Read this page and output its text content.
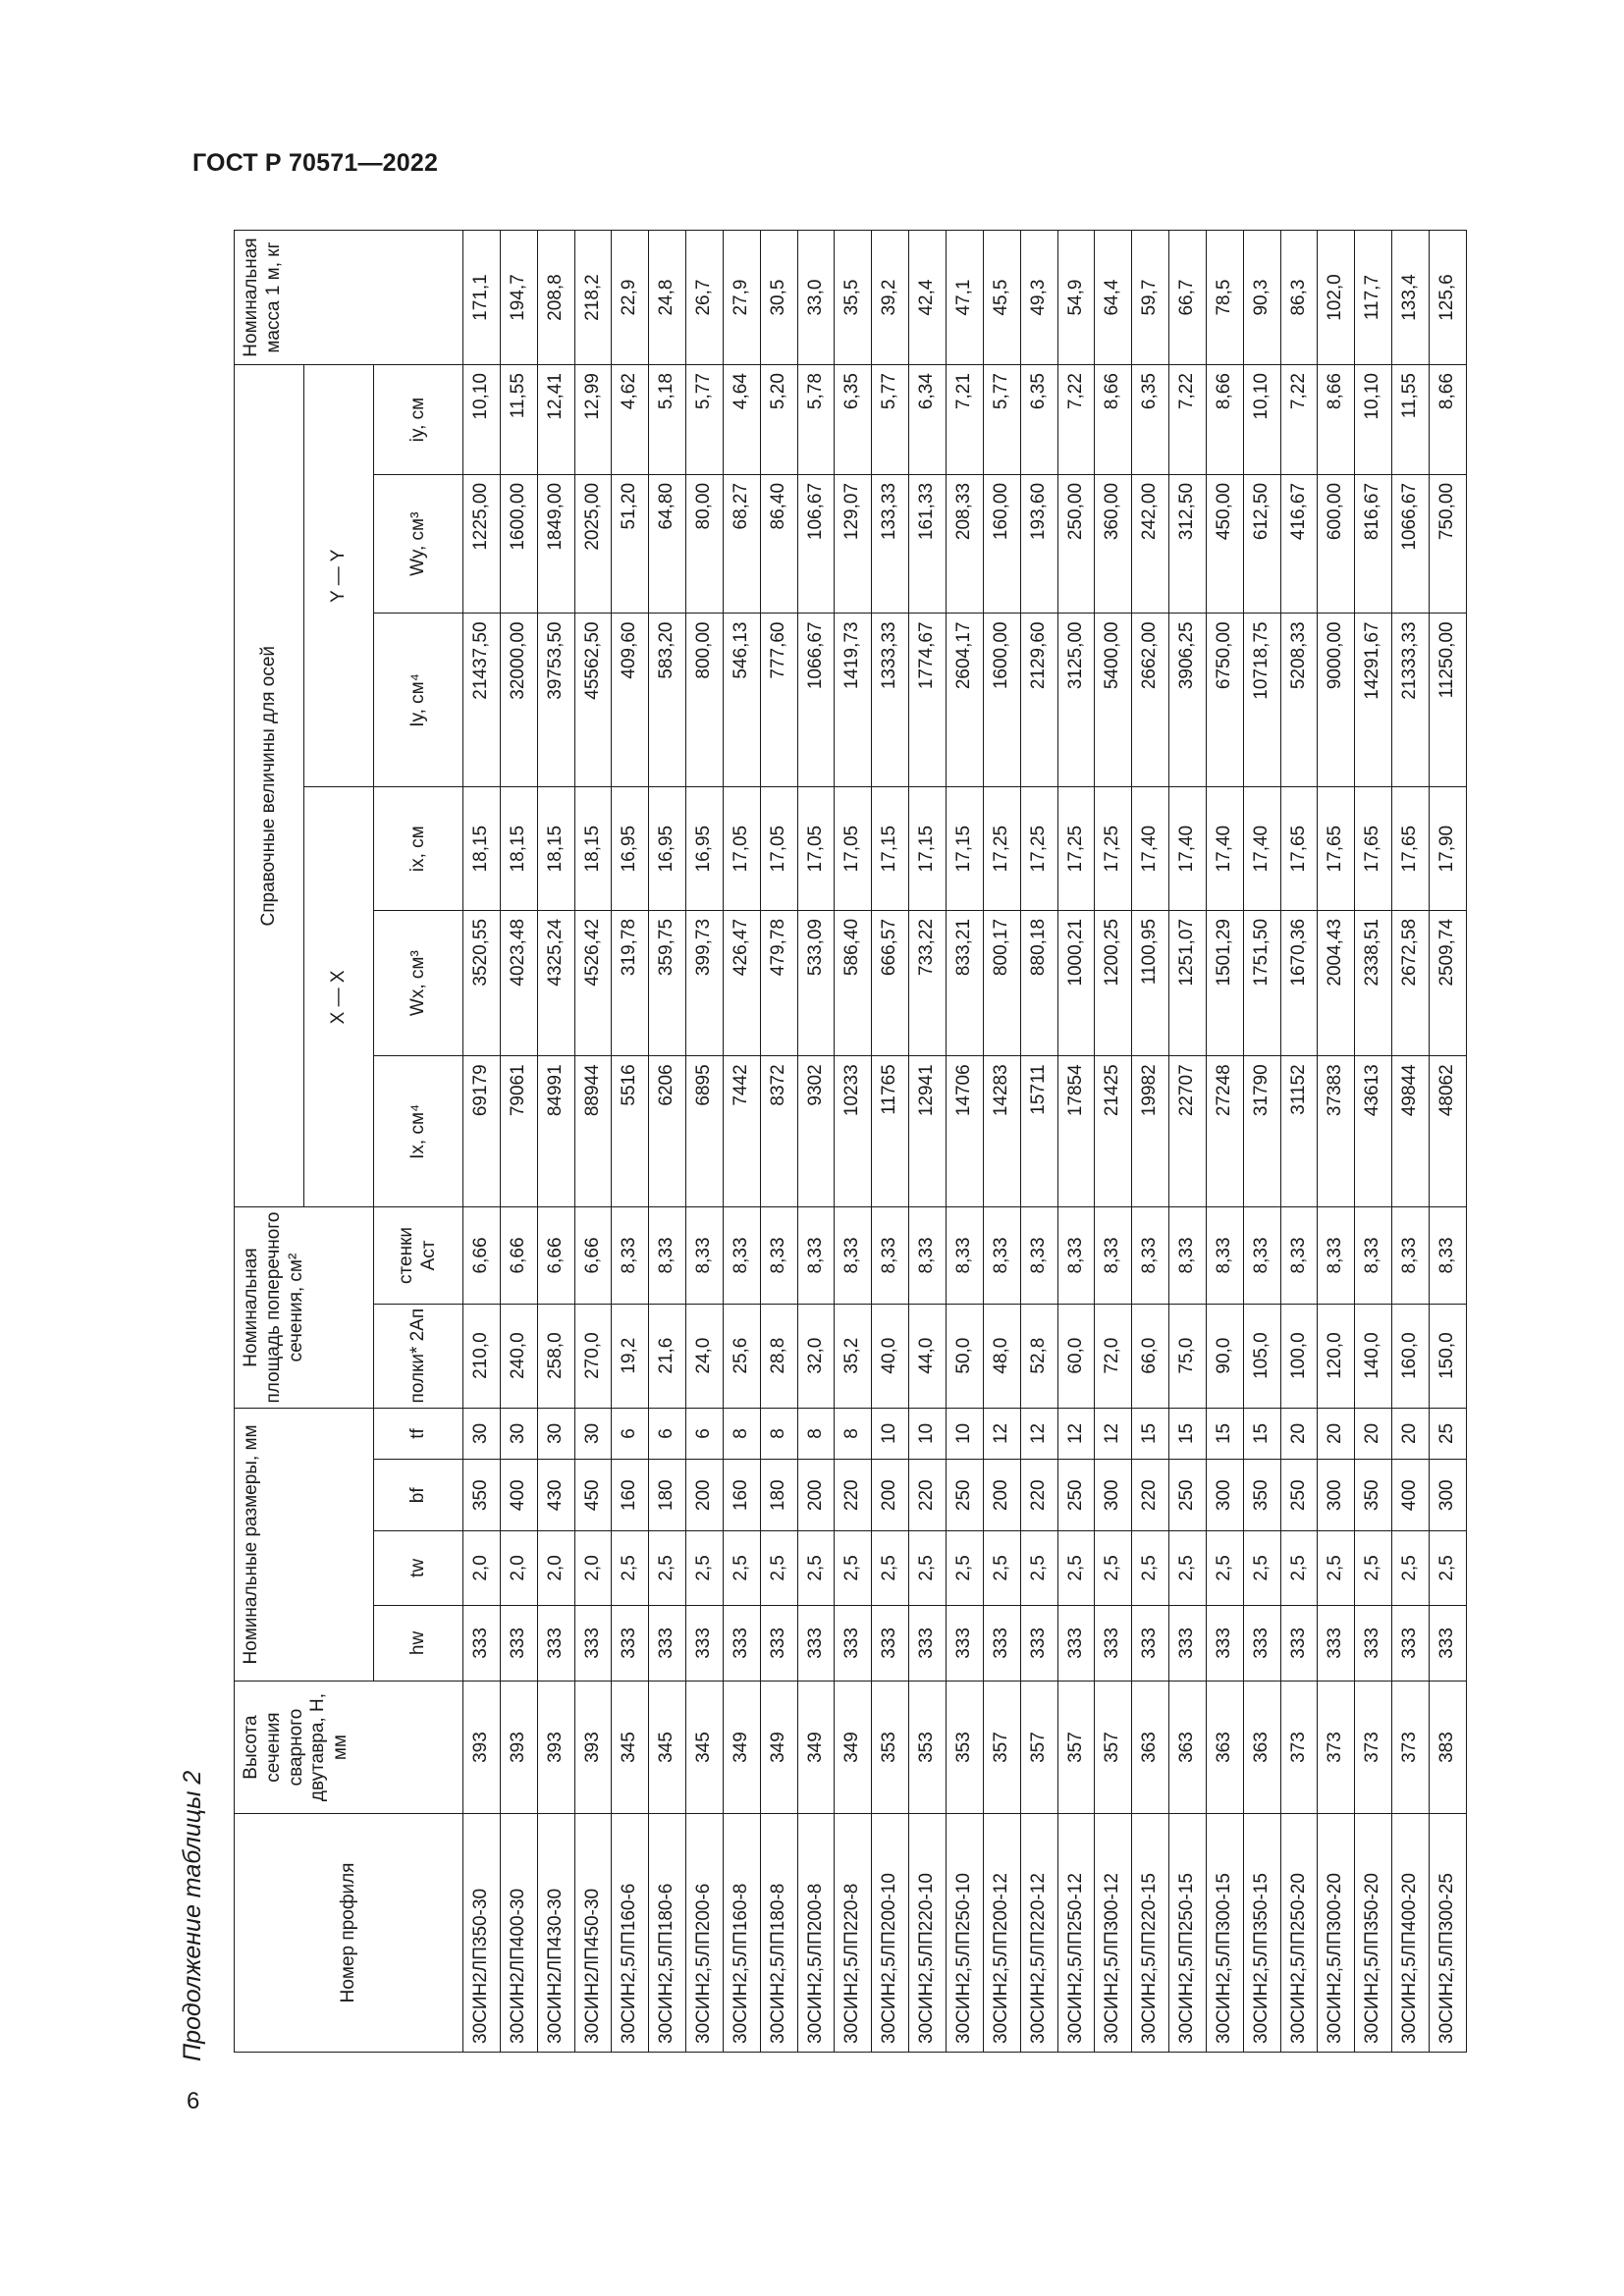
ГОСТ Р 70571—2022
Продолжение таблицы 2
6
Номер профиля	Высота сечения сварного двутавра, H, мм	Номинальные размеры, мм				Номинальная площадь поперечного сечения, см²		Справочные величины для осей						Номинальная масса 1 м, кг
								X — X			Y — Y			
		hw	tw	bf	tf	полки* 2Aп	стенки Aст	Ix, см⁴	Wx, см³	ix, см	Iy, см⁴	Wy, см³	iy, см	
30СИН2ЛП350-30	393	333	2,0	350	30	210,0	6,66	69179	3520,55	18,15	21437,50	1225,00	10,10	171,1
30СИН2ЛП400-30	393	333	2,0	400	30	240,0	6,66	79061	4023,48	18,15	32000,00	1600,00	11,55	194,7
30СИН2ЛП430-30	393	333	2,0	430	30	258,0	6,66	84991	4325,24	18,15	39753,50	1849,00	12,41	208,8
30СИН2ЛП450-30	393	333	2,0	450	30	270,0	6,66	88944	4526,42	18,15	45562,50	2025,00	12,99	218,2
30СИН2,5ЛП160-6	345	333	2,5	160	6	19,2	8,33	5516	319,78	16,95	409,60	51,20	4,62	22,9
30СИН2,5ЛП180-6	345	333	2,5	180	6	21,6	8,33	6206	359,75	16,95	583,20	64,80	5,18	24,8
30СИН2,5ЛП200-6	345	333	2,5	200	6	24,0	8,33	6895	399,73	16,95	800,00	80,00	5,77	26,7
30СИН2,5ЛП160-8	349	333	2,5	160	8	25,6	8,33	7442	426,47	17,05	546,13	68,27	4,64	27,9
30СИН2,5ЛП180-8	349	333	2,5	180	8	28,8	8,33	8372	479,78	17,05	777,60	86,40	5,20	30,5
30СИН2,5ЛП200-8	349	333	2,5	200	8	32,0	8,33	9302	533,09	17,05	1066,67	106,67	5,78	33,0
30СИН2,5ЛП220-8	349	333	2,5	220	8	35,2	8,33	10233	586,40	17,05	1419,73	129,07	6,35	35,5
30СИН2,5ЛП200-10	353	333	2,5	200	10	40,0	8,33	11765	666,57	17,15	1333,33	133,33	5,77	39,2
30СИН2,5ЛП220-10	353	333	2,5	220	10	44,0	8,33	12941	733,22	17,15	1774,67	161,33	6,34	42,4
30СИН2,5ЛП250-10	353	333	2,5	250	10	50,0	8,33	14706	833,21	17,15	2604,17	208,33	7,21	47,1
30СИН2,5ЛП200-12	357	333	2,5	200	12	48,0	8,33	14283	800,17	17,25	1600,00	160,00	5,77	45,5
30СИН2,5ЛП220-12	357	333	2,5	220	12	52,8	8,33	15711	880,18	17,25	2129,60	193,60	6,35	49,3
30СИН2,5ЛП250-12	357	333	2,5	250	12	60,0	8,33	17854	1000,21	17,25	3125,00	250,00	7,22	54,9
30СИН2,5ЛП300-12	357	333	2,5	300	12	72,0	8,33	21425	1200,25	17,25	5400,00	360,00	8,66	64,4
30СИН2,5ЛП220-15	363	333	2,5	220	15	66,0	8,33	19982	1100,95	17,40	2662,00	242,00	6,35	59,7
30СИН2,5ЛП250-15	363	333	2,5	250	15	75,0	8,33	22707	1251,07	17,40	3906,25	312,50	7,22	66,7
30СИН2,5ЛП300-15	363	333	2,5	300	15	90,0	8,33	27248	1501,29	17,40	6750,00	450,00	8,66	78,5
30СИН2,5ЛП350-15	363	333	2,5	350	15	105,0	8,33	31790	1751,50	17,40	10718,75	612,50	10,10	90,3
30СИН2,5ЛП250-20	373	333	2,5	250	20	100,0	8,33	31152	1670,36	17,65	5208,33	416,67	7,22	86,3
30СИН2,5ЛП300-20	373	333	2,5	300	20	120,0	8,33	37383	2004,43	17,65	9000,00	600,00	8,66	102,0
30СИН2,5ЛП350-20	373	333	2,5	350	20	140,0	8,33	43613	2338,51	17,65	14291,67	816,67	10,10	117,7
30СИН2,5ЛП400-20	373	333	2,5	400	20	160,0	8,33	49844	2672,58	17,65	21333,33	1066,67	11,55	133,4
30СИН2,5ЛП300-25	383	333	2,5	300	25	150,0	8,33	48062	2509,74	17,90	11250,00	750,00	8,66	125,6
